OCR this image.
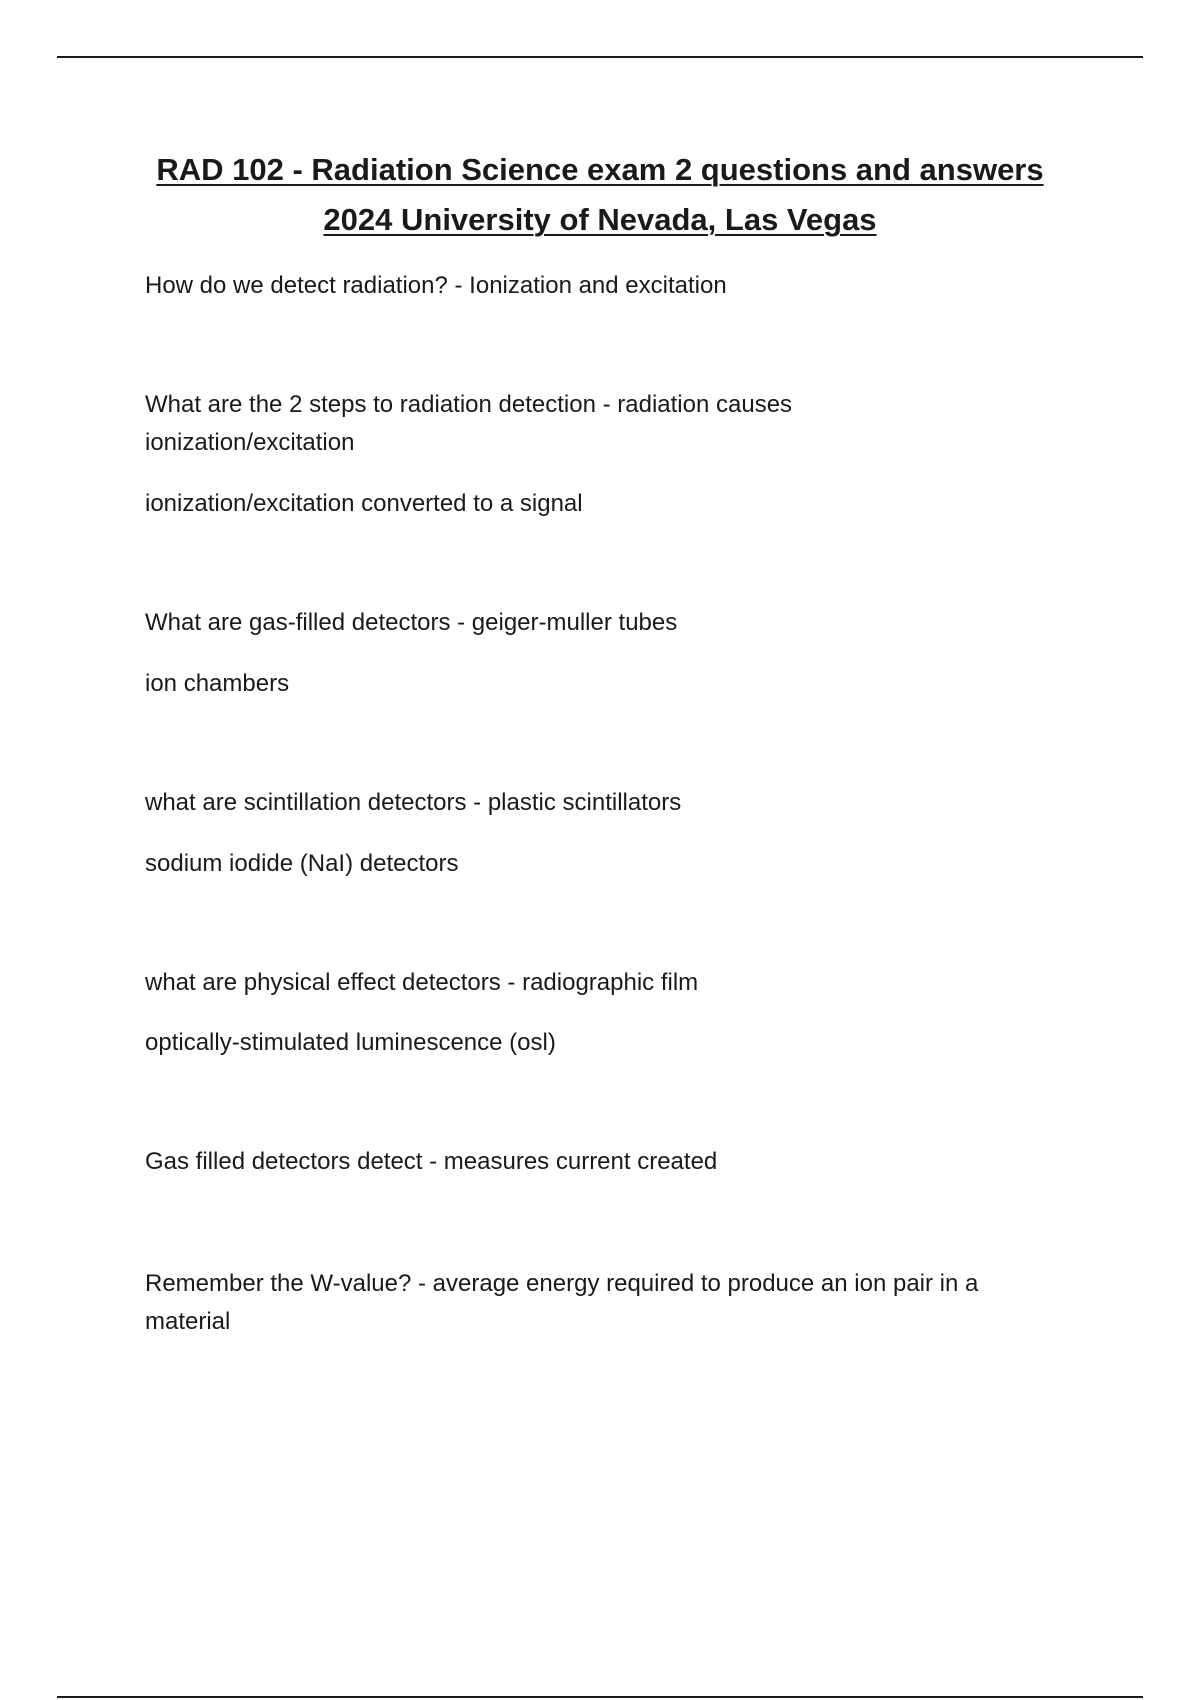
RAD 102 - Radiation Science exam 2 questions and answers
2024 University of Nevada, Las Vegas

How do we detect radiation? - Ionization and excitation

What are the 2 steps to radiation detection - radiation causes

ionization/excitation

ionization/excitation converted to a signal

What are gas-filled detectors - geiger-muller tubes

ion chambers

what are scintillation detectors - plastic scintillators

sodium iodide (NaI) detectors

what are physical effect detectors - radiographic film

optically-stimulated luminescence (osl)

Gas filled detectors detect - measures current created

Remember the W-value? - average energy required to produce an ion pair in a

material
